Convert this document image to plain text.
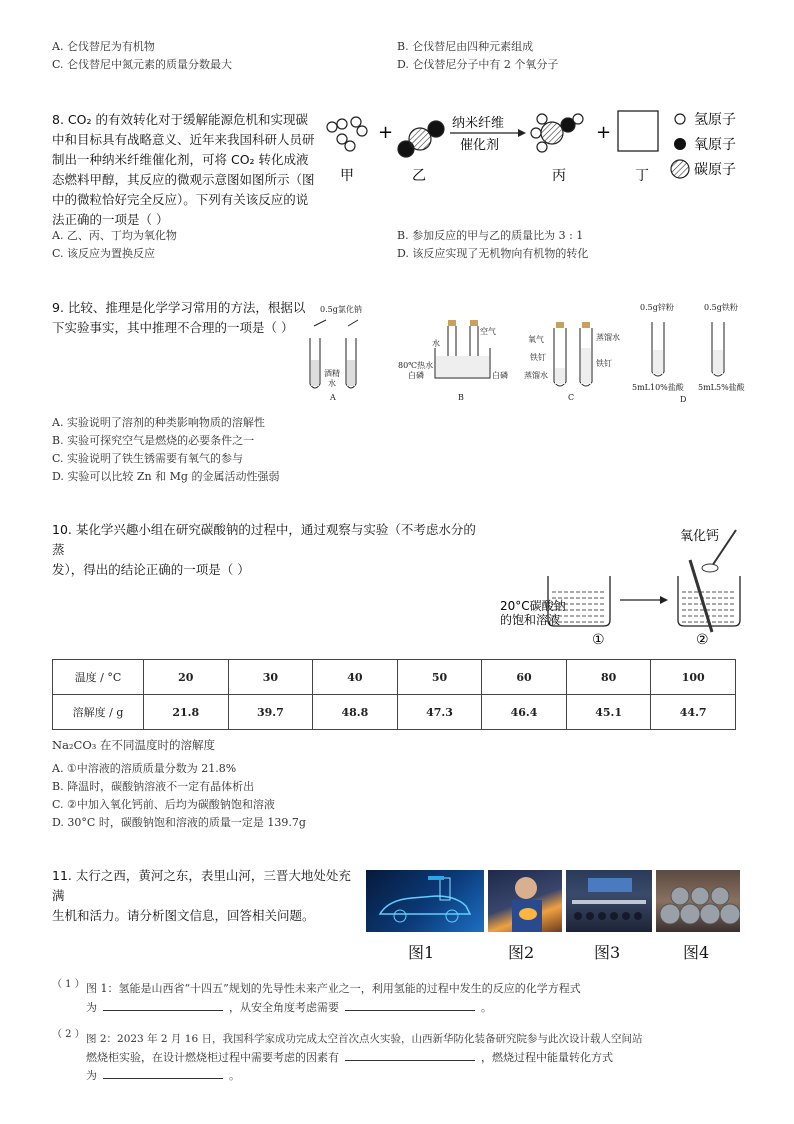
A. 仑伐替尼为有机物	B. 仑伐替尼由四种元素组成
C. 仑伐替尼中氮元素的质量分数最大	D. 仑伐替尼分子中有 2 个氧分子
8. CO₂ 的有效转化对于缓解能源危机和实现碳
中和目标具有战略意义、近年来我国科研人员研
制出一种纳米纤维催化剂，可将 CO₂ 转化成液
态燃料甲醇，其反应的微观示意图如图所示（图
中的微粒恰好完全反应）。下列有关该反应的说
法正确的一项是（ ）
+	纳米纤维
催化剂
+
甲	乙	丙	丁
氢原子
氧原子
碳原子
A. 乙、丙、丁均为氧化物	B. 参加反应的甲与乙的质量比为 3 : 1
C. 该反应为置换反应	D. 该反应实现了无机物向有机物的转化
9. 比较、推理是化学学习常用的方法，根据以
下实验事实，其中推理不合理的一项是（ ）
0.5g氯化钠
酒精
水
A
空气
水
80℃热水
白磷	白磷
B
氧气	蒸馏水
铁钉
铁钉
蒸馏水
C
0.5g锌粉	0.5g铁粉
5mL10%盐酸 5mL5%盐酸
D
A. 实验说明了溶剂的种类影响物质的溶解性
B. 实验可探究空气是燃烧的必要条件之一
C. 实验说明了铁生锈需要有氧气的参与
D. 实验可以比较 Zn 和 Mg 的金属活动性强弱
10. 某化学兴趣小组在研究碳酸钠的过程中，通过观察与实验（不考虑水分的蒸
发），得出的结论正确的一项是（ ）
氧化钙
20°C碳酸钠
的饱和溶液
①	②
温度 / °C	20	30	40	50	60	80	100
溶解度 / g	21.8	39.7	48.8	47.3	46.4	45.1	44.7
Na₂CO₃ 在不同温度时的溶解度
A. ①中溶液的溶质质量分数为 21.8%
B. 降温时，碳酸钠溶液不一定有晶体析出
C. ②中加入氧化钙前、后均为碳酸钠饱和溶液
D. 30°C 时，碳酸钠饱和溶液的质量一定是 139.7g
11. 太行之西，黄河之东，表里山河，三晋大地处处充满
生机和活力。请分析图文信息，回答相关问题。
图1	图2	图3	图4
（ 1 ） 图 1：氢能是山西省“十四五”规划的先导性未来产业之一，利用氢能的过程中发生的反应的化学方程式
为	，从安全角度考虑需要	。
（ 2 ） 图 2：2023 年 2 月 16 日，我国科学家成功完成太空首次点火实验，山西新华防化装备研究院参与此次设计载人空间站
燃烧柜实验，在设计燃烧柜过程中需要考虑的因素有	，燃烧过程中能量转化方式
为	。
